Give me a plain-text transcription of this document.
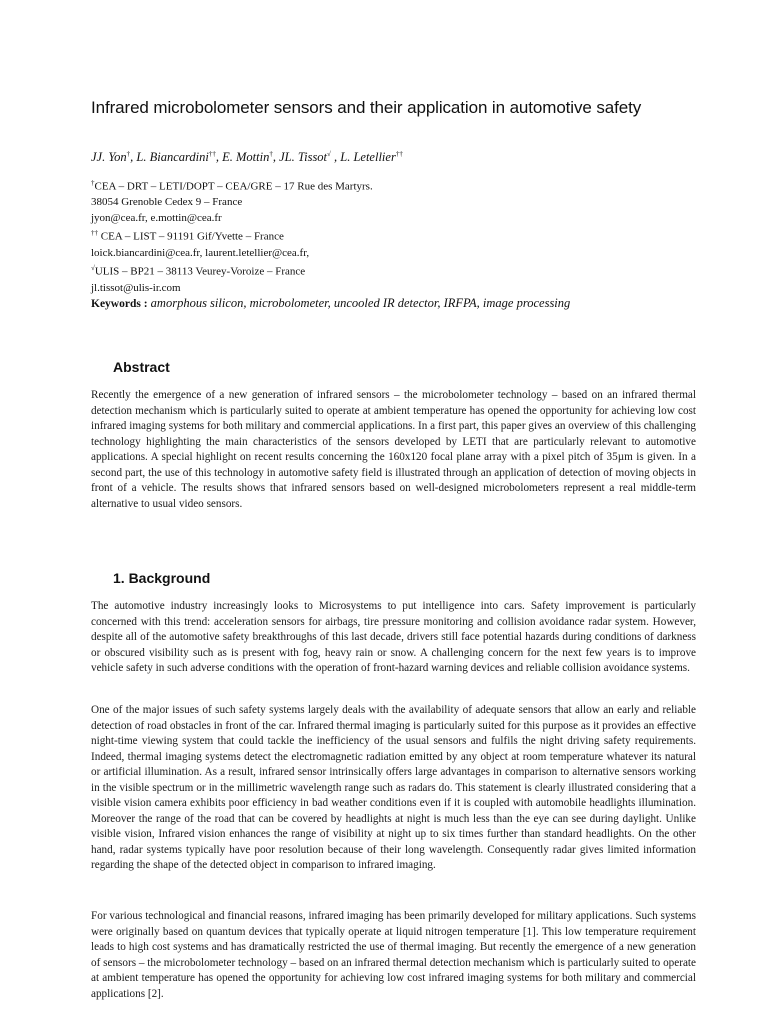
Infrared microbolometer sensors and their application in automotive safety
JJ. Yon†, L. Biancardini††, E. Mottin†, JL. Tissot√ , L. Letellier††
†CEA – DRT – LETI/DOPT – CEA/GRE – 17 Rue des Martyrs.
38054 Grenoble Cedex 9 – France
jyon@cea.fr, e.mottin@cea.fr
†† CEA – LIST – 91191 Gif/Yvette – France
loick.biancardini@cea.fr, laurent.letellier@cea.fr,
√ULIS – BP21 – 38113 Veurey-Voroize – France
jl.tissot@ulis-ir.com
Keywords : amorphous silicon, microbolometer, uncooled IR detector, IRFPA, image processing
Abstract

Recently the emergence of a new generation of infrared sensors – the microbolometer technology – based on an infrared thermal detection mechanism which is particularly suited to operate at ambient temperature has opened the opportunity for achieving low cost infrared imaging systems for both military and commercial applications. In a first part, this paper gives an overview of this challenging technology highlighting the main characteristics of the sensors developed by LETI that are particularly relevant to automotive applications. A special highlight on recent results concerning the 160x120 focal plane array with a pixel pitch of 35µm is given. In a second part, the use of this technology in automotive safety field is illustrated through an application of detection of moving objects in front of a vehicle. The results shows that infrared sensors based on well-designed microbolometers represent a real middle-term alternative to usual video sensors.

1. Background

The automotive industry increasingly looks to Microsystems to put intelligence into cars. Safety improvement is particularly concerned with this trend: acceleration sensors for airbags, tire pressure monitoring and collision avoidance radar system. However, despite all of the automotive safety breakthroughs of this last decade, drivers still face potential hazards during conditions of darkness or obscured visibility such as is present with fog, heavy rain or snow. A challenging concern for the next few years is to improve vehicle safety in such adverse conditions with the operation of front-hazard warning devices and reliable collision avoidance systems.

One of the major issues of such safety systems largely deals with the availability of adequate sensors that allow an early and reliable detection of road obstacles in front of the car. Infrared thermal imaging is particularly suited for this purpose as it provides an effective night-time viewing system that could tackle the inefficiency of the usual sensors and fulfils the night driving safety requirements. Indeed, thermal imaging systems detect the electromagnetic radiation emitted by any object at room temperature whatever its natural or artificial illumination. As a result, infrared sensor intrinsically offers large advantages in comparison to alternative sensors working in the visible spectrum or in the millimetric wavelength range such as radars do. This statement is clearly illustrated considering that a visible vision camera exhibits poor efficiency in bad weather conditions even if it is coupled with automobile headlights illumination. Moreover the range of the road that can be covered by headlights at night is much less than the eye can see during daylight. Unlike visible vision, Infrared vision enhances the range of visibility at night up to six times further than standard headlights. On the other hand, radar systems typically have poor resolution because of their long wavelength. Consequently radar gives limited information regarding the shape of the detected object in comparison to infrared imaging.

For various technological and financial reasons, infrared imaging has been primarily developed for military applications. Such systems were originally based on quantum devices that typically operate at liquid nitrogen temperature [1]. This low temperature requirement leads to high cost systems and has dramatically restricted the use of thermal imaging. But recently the emergence of a new generation of sensors – the microbolometer technology – based on an infrared thermal detection mechanism which is particularly suited to operate at ambient temperature has opened the opportunity for achieving low cost infrared imaging systems for both military and commercial applications [2].
